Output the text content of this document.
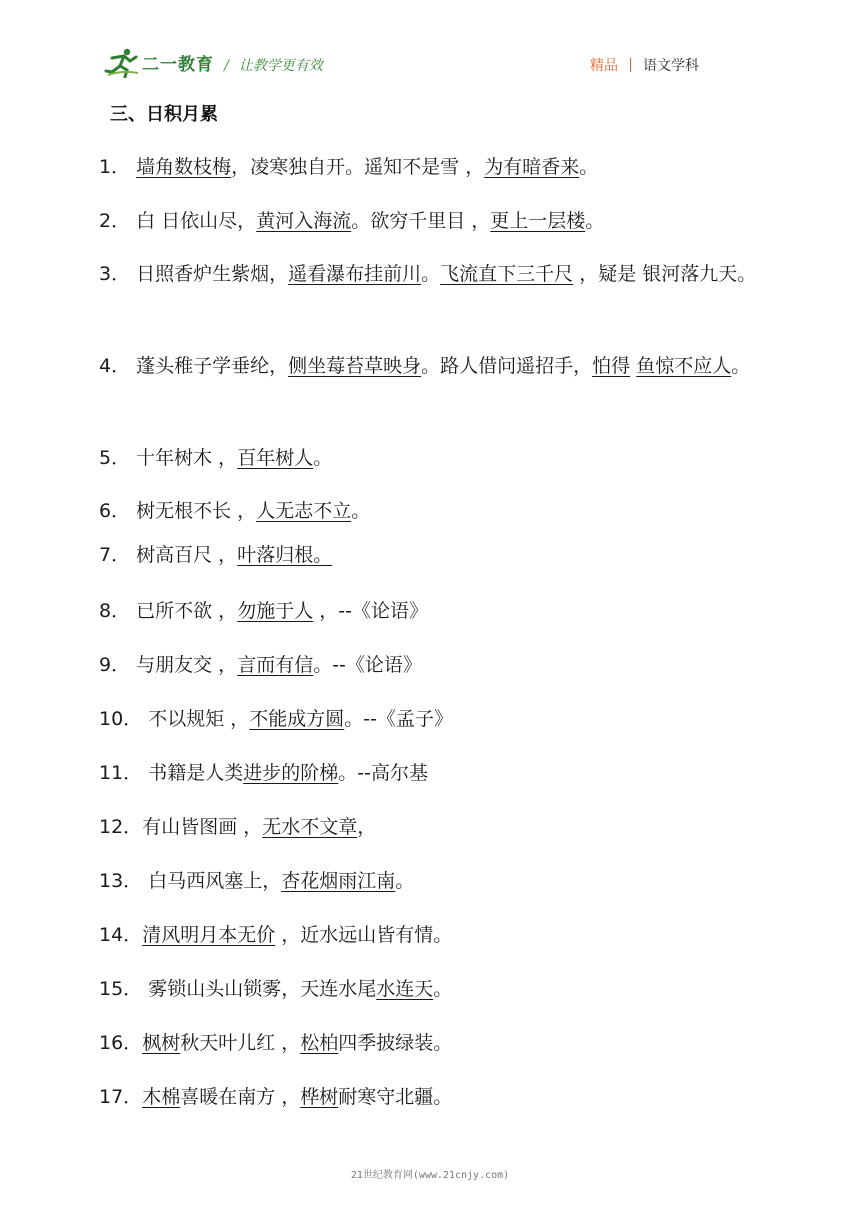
二一教育 / 让教学更有效	精品 语文学科
三、日积月累
1． 墙角数枝梅，凌寒独自开。遥知不是雪 ，为有暗香来。
2． 白 日依山尽，黄河入海流。欲穷千里目 ，更上一层楼。
3． 日照香炉生紫烟，遥看瀑布挂前川。飞流直下三千尺 ，疑是 银河落九天。
4． 蓬头稚子学垂纶，侧坐莓苔草映身。路人借问遥招手，怕得 鱼惊不应人。
5． 十年树木 ，百年树人。
6． 树无根不长 ，人无志不立。
7． 树高百尺 ，叶落归根。
8． 已所不欲 ，勿施于人 ，--《论语》
9． 与朋友交 ，言而有信。--《论语》
10． 不以规矩 ，不能成方圆。--《孟子》
11． 书籍是人类进步的阶梯。--高尔基
12．有山皆图画 ，无水不文章，
13． 白马西风塞上，杏花烟雨江南。
14．清风明月本无价 ，近水远山皆有情。
15． 雾锁山头山锁雾，天连水尾水连天。
16．枫树秋天叶儿红 ，松柏四季披绿装。
17．木棉喜暖在南方 ，桦树耐寒守北疆。
21世纪教育网(www.21cnjy.com)
